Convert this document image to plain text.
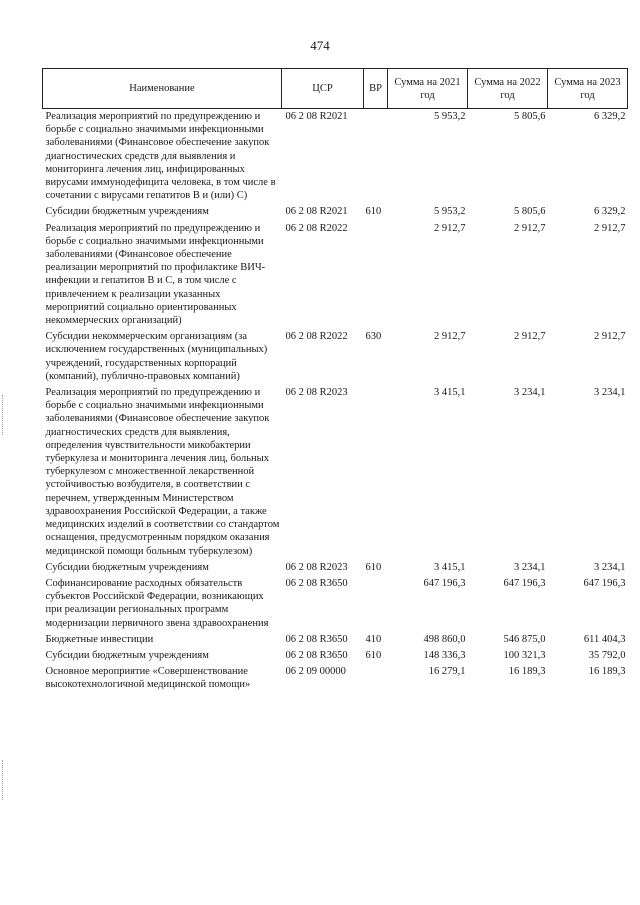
474
Наименование	ЦСР	ВР	Сумма на 2021 год	Сумма на 2022 год	Сумма на 2023 год
Реализация мероприятий по предупреждению и борьбе с социально значимыми инфекционными заболеваниями (Финансовое обеспечение закупок диагностических средств для выявления и мониторинга лечения лиц, инфицированных вирусами иммунодефицита человека, в том числе в сочетании с вирусами гепатитов В и (или) С)	06 2 08 R2021		5 953,2	5 805,6	6 329,2
Субсидии бюджетным учреждениям	06 2 08 R2021	610	5 953,2	5 805,6	6 329,2
Реализация мероприятий по предупреждению и борьбе с социально значимыми инфекционными заболеваниями (Финансовое обеспечение реализации мероприятий по профилактике ВИЧ-инфекции и гепатитов В и С, в том числе с привлечением к реализации указанных мероприятий социально ориентированных некоммерческих организаций)	06 2 08 R2022		2 912,7	2 912,7	2 912,7
Субсидии некоммерческим организациям (за исключением государственных (муниципальных) учреждений, государственных корпораций (компаний), публично-правовых компаний)	06 2 08 R2022	630	2 912,7	2 912,7	2 912,7
Реализация мероприятий по предупреждению и борьбе с социально значимыми инфекционными заболеваниями (Финансовое обеспечение закупок диагностических средств для выявления, определения чувствительности микобактерии туберкулеза и мониторинга лечения лиц, больных туберкулезом с множественной лекарственной устойчивостью возбудителя, в соответствии с перечнем, утвержденным Министерством здравоохранения Российской Федерации, а также медицинских изделий в соответствии со стандартом оснащения, предусмотренным порядком оказания медицинской помощи больным туберкулезом)	06 2 08 R2023		3 415,1	3 234,1	3 234,1
Субсидии бюджетным учреждениям	06 2 08 R2023	610	3 415,1	3 234,1	3 234,1
Софинансирование расходных обязательств субъектов Российской Федерации, возникающих при реализации региональных программ модернизации первичного звена здравоохранения	06 2 08 R3650		647 196,3	647 196,3	647 196,3
Бюджетные инвестиции	06 2 08 R3650	410	498 860,0	546 875,0	611 404,3
Субсидии бюджетным учреждениям	06 2 08 R3650	610	148 336,3	100 321,3	35 792,0
Основное мероприятие «Совершенствование высокотехнологичной медицинской помощи»	06 2 09 00000		16 279,1	16 189,3	16 189,3
